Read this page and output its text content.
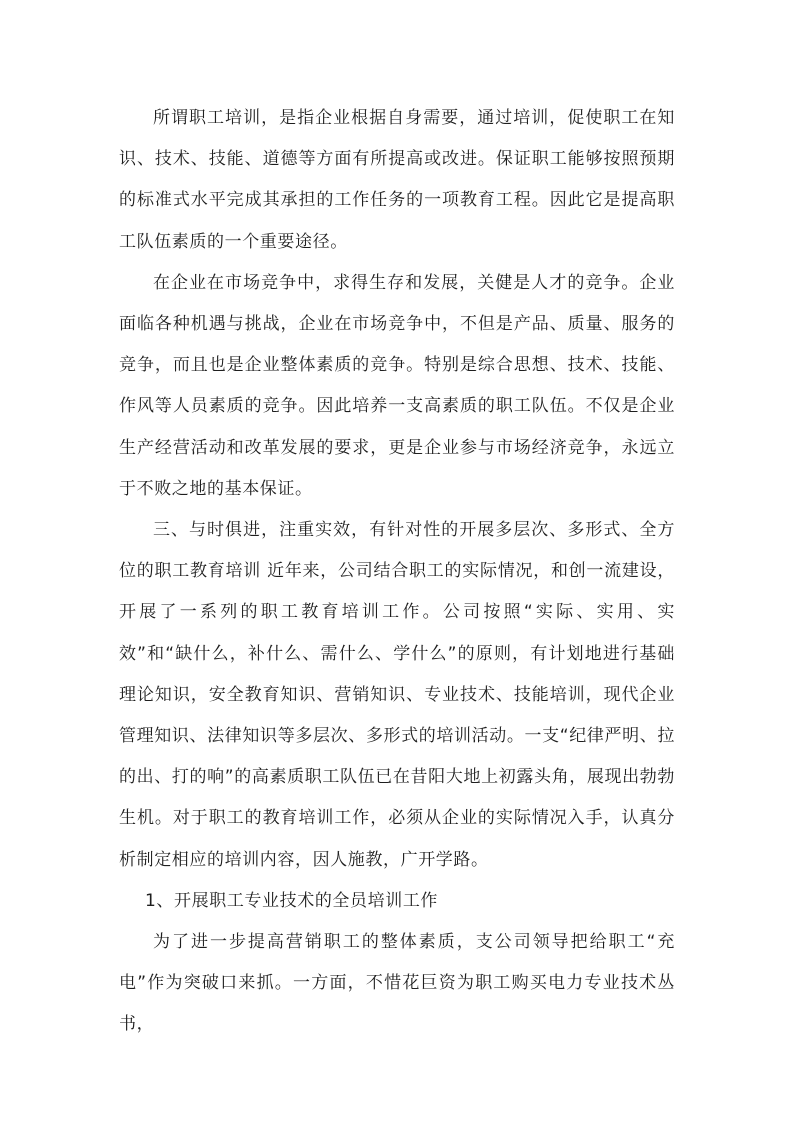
所谓职工培训，是指企业根据自身需要，通过培训，促使职工在知识、技术、技能、道德等方面有所提高或改进。保证职工能够按照预期的标准式水平完成其承担的工作任务的一项教育工程。因此它是提高职工队伍素质的一个重要途径。

在企业在市场竞争中，求得生存和发展，关健是人才的竞争。企业面临各种机遇与挑战，企业在市场竞争中，不但是产品、质量、服务的竞争，而且也是企业整体素质的竞争。特别是综合思想、技术、技能、作风等人员素质的竞争。因此培养一支高素质的职工队伍。不仅是企业生产经营活动和改革发展的要求，更是企业参与市场经济竞争，永远立于不败之地的基本保证。

三、与时俱进，注重实效，有针对性的开展多层次、多形式、全方位的职工教育培训 近年来，公司结合职工的实际情况，和创一流建设，开展了一系列的职工教育培训工作。公司按照“实际、实用、实效”和“缺什么，补什么、需什么、学什么”的原则，有计划地进行基础理论知识，安全教育知识、营销知识、专业技术、技能培训，现代企业管理知识、法律知识等多层次、多形式的培训活动。一支“纪律严明、拉的出、打的响”的高素质职工队伍已在昔阳大地上初露头角，展现出勃勃生机。对于职工的教育培训工作，必须从企业的实际情况入手，认真分析制定相应的培训内容，因人施教，广开学路。

1、开展职工专业技术的全员培训工作

为了进一步提高营销职工的整体素质，支公司领导把给职工“充电”作为突破口来抓。一方面，不惜花巨资为职工购买电力专业技术丛书，
